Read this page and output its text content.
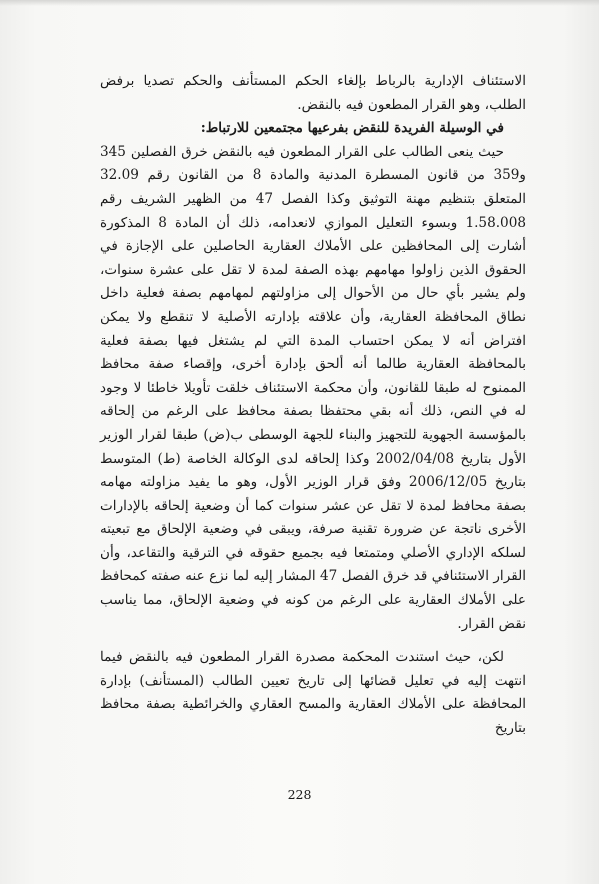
الاستئناف الإدارية بالرباط بإلغاء الحكم المستأنف والحكم تصديا برفض الطلب، وهو القرار المطعون فيه بالنقض.

في الوسيلة الفريدة للنقض بفرعيها مجتمعين للارتباط:

حيث ينعى الطالب على القرار المطعون فيه بالنقض خرق الفصلين 345 و359 من قانون المسطرة المدنية والمادة 8 من القانون رقم 32.09 المتعلق بتنظيم مهنة التوثيق وكذا الفصل 47 من الظهير الشريف رقم 1.58.008 وبسوء التعليل الموازي لانعدامه، ذلك أن المادة 8 المذكورة أشارت إلى المحافظين على الأملاك العقارية الحاصلين على الإجازة في الحقوق الذين زاولوا مهامهم بهذه الصفة لمدة لا تقل على عشرة سنوات، ولم يشير بأي حال من الأحوال إلى مزاولتهم لمهامهم بصفة فعلية داخل نطاق المحافظة العقارية، وأن علاقته بإدارته الأصلية لا تنقطع ولا يمكن افتراض أنه لا يمكن احتساب المدة التي لم يشتغل فيها بصفة فعلية بالمحافظة العقارية طالما أنه ألحق بإدارة أخرى، وإقصاء صفة محافظ الممنوح له طبقا للقانون، وأن محكمة الاستئناف خلقت تأويلا خاطئا لا وجود له في النص، ذلك أنه بقي محتفظا بصفة محافظ على الرغم من إلحاقه بالمؤسسة الجهوية للتجهيز والبناء للجهة الوسطى ب(ض) طبقا لقرار الوزير الأول بتاريخ 2002/04/08 وكذا إلحاقه لدى الوكالة الخاصة (ط) المتوسط بتاريخ 2006/12/05 وفق قرار الوزير الأول، وهو ما يفيد مزاولته مهامه بصفة محافظ لمدة لا تقل عن عشر سنوات كما أن وضعية إلحاقه بالإدارات الأخرى ناتجة عن ضرورة تقنية صرفة، ويبقى في وضعية الإلحاق مع تبعيته لسلكه الإداري الأصلي ومتمتعا فيه بجميع حقوقه في الترقية والتقاعد، وأن القرار الاستئنافي قد خرق الفصل 47 المشار إليه لما نزع عنه صفته كمحافظ على الأملاك العقارية على الرغم من كونه في وضعية الإلحاق، مما يناسب نقض القرار.

لكن، حيث استندت المحكمة مصدرة القرار المطعون فيه بالنقض فيما انتهت إليه في تعليل قضائها إلى تاريخ تعيين الطالب (المستأنف) بإدارة المحافظة على الأملاك العقارية والمسح العقاري والخرائطية بصفة محافظ بتاريخ

228
